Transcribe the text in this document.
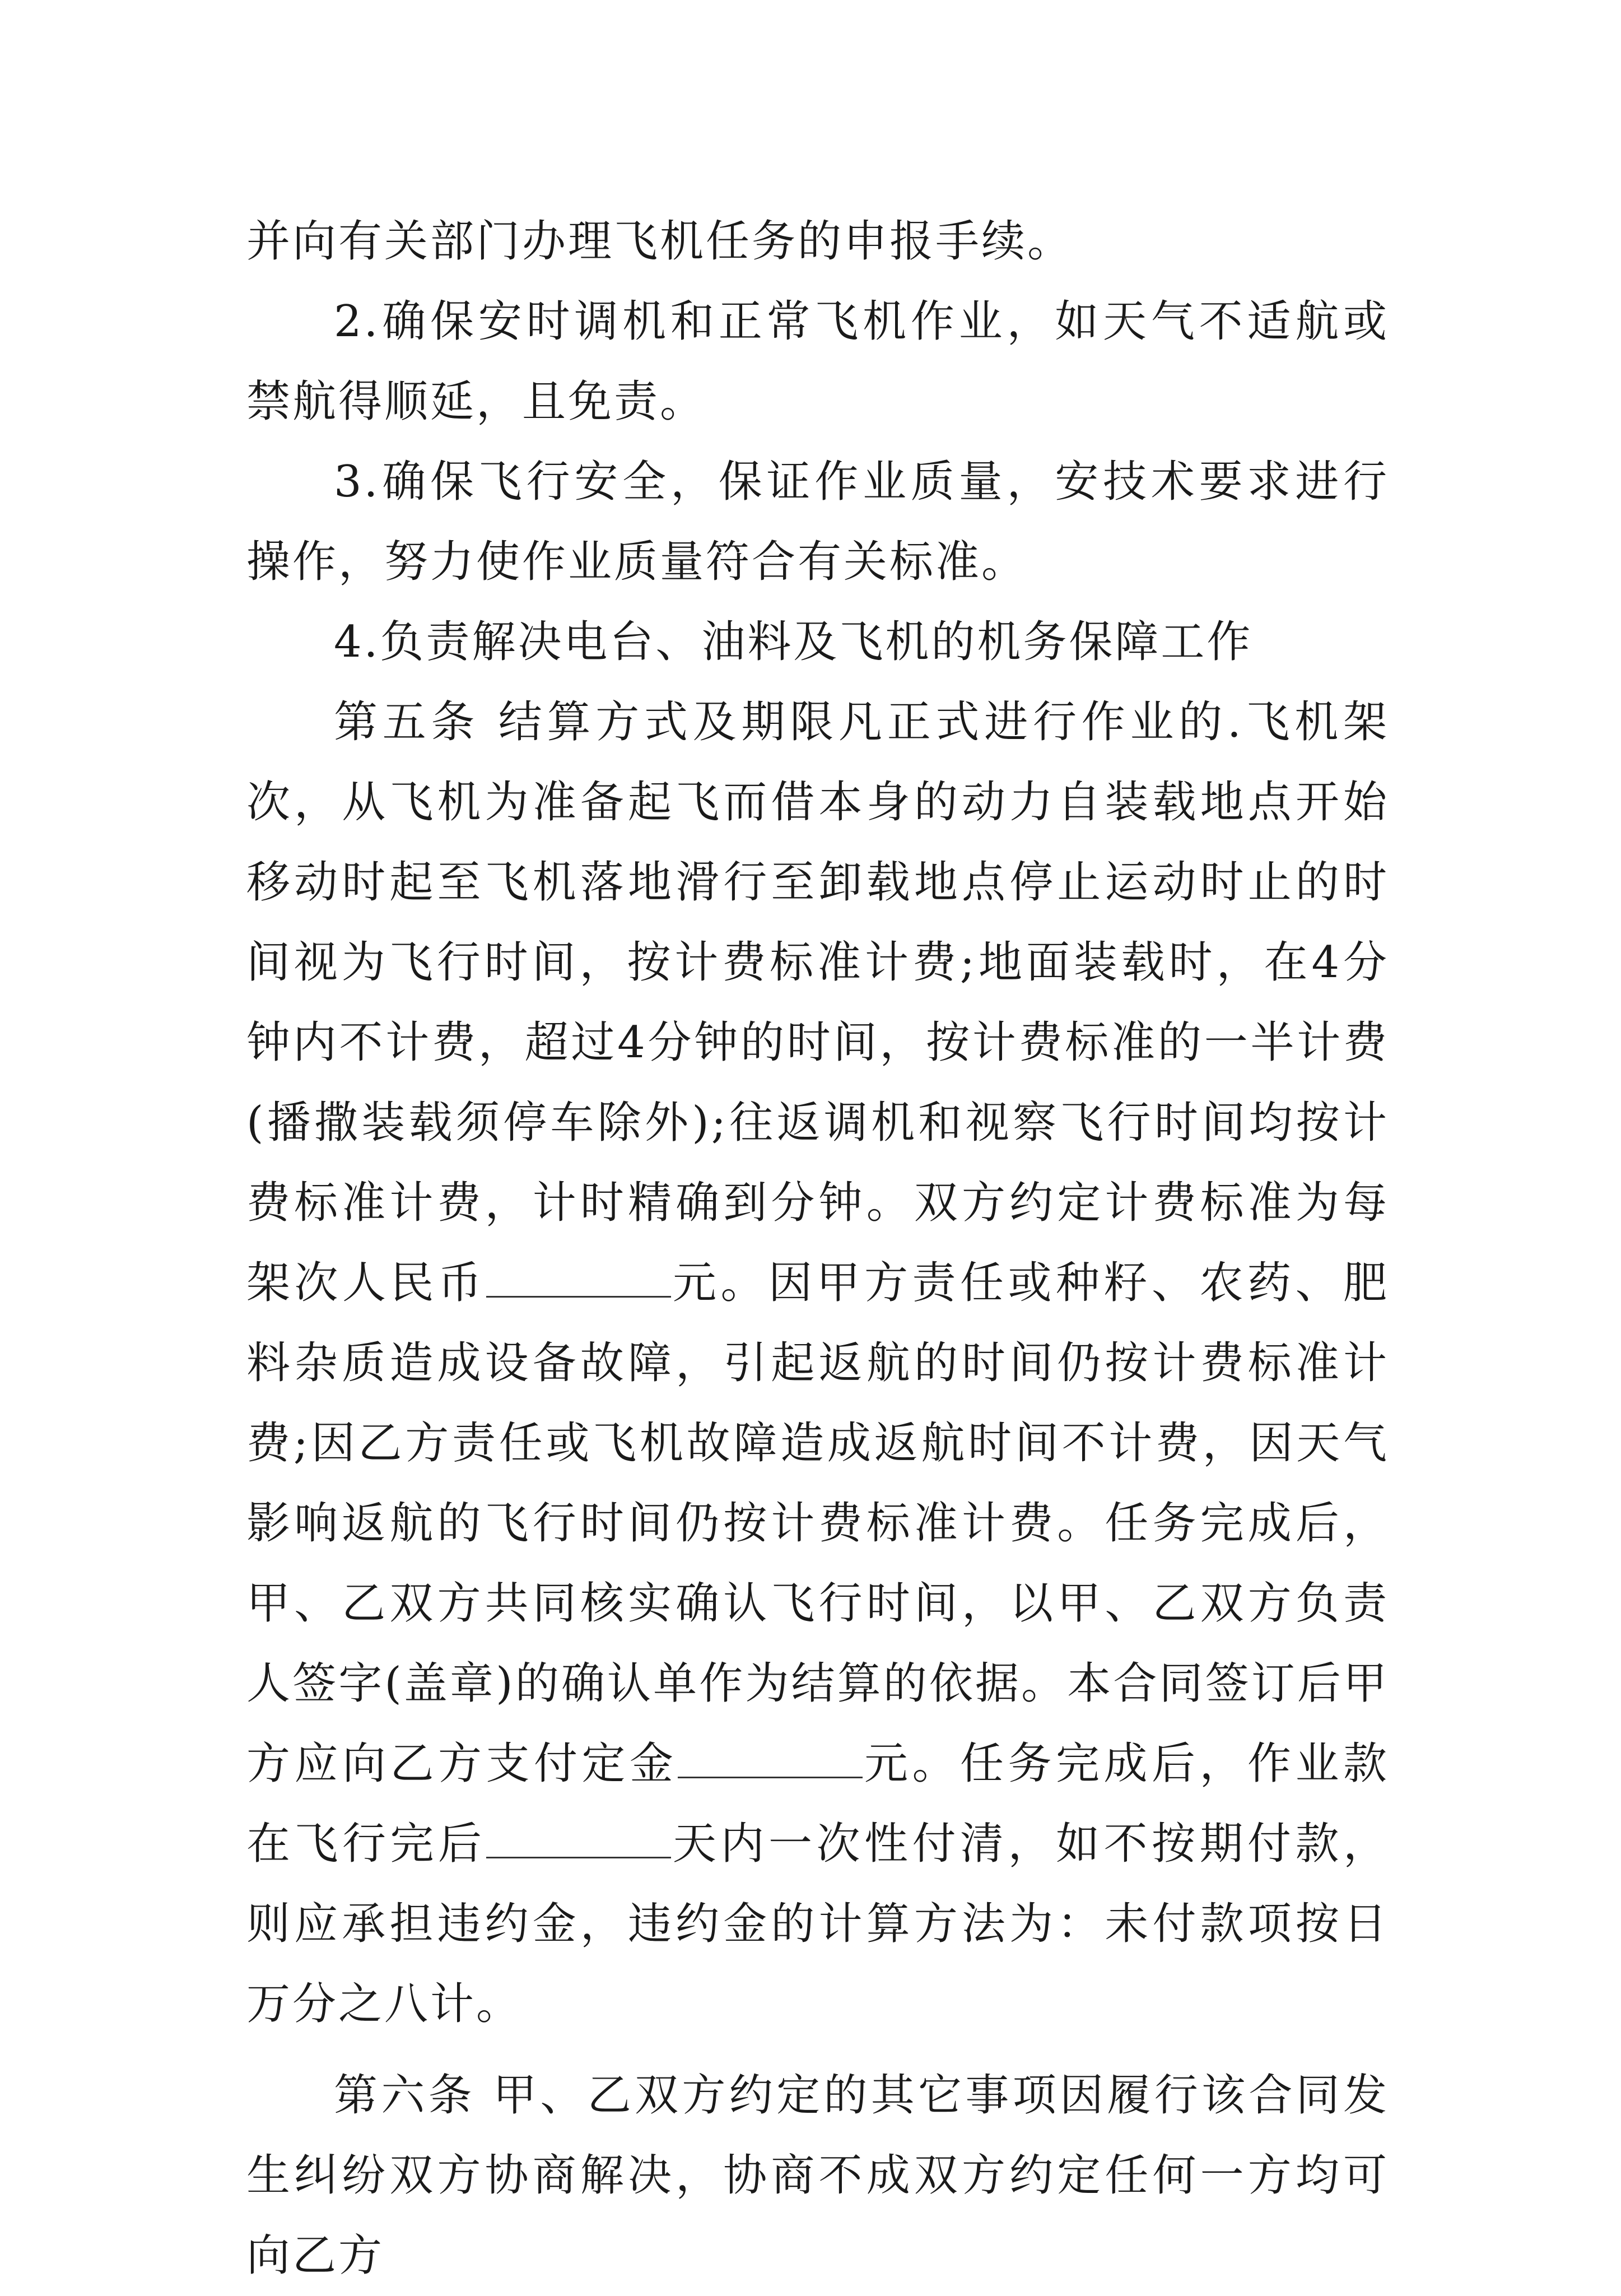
并向有关部门办理飞机任务的申报手续。

2.确保安时调机和正常飞机作业，如天气不适航或禁航得顺延，且免责。

3.确保飞行安全，保证作业质量，安技术要求进行操作，努力使作业质量符合有关标准。

4.负责解决电台、油料及飞机的机务保障工作

第五条 结算方式及期限凡正式进行作业的.飞机架次，从飞机为准备起飞而借本身的动力自装载地点开始移动时起至飞机落地滑行至卸载地点停止运动时止的时间视为飞行时间，按计费标准计费;地面装载时，在4分钟内不计费，超过4分钟的时间，按计费标准的一半计费(播撒装载须停车除外);往返调机和视察飞行时间均按计费标准计费，计时精确到分钟。双方约定计费标准为每架次人民币	元。因甲方责任或种籽、农药、肥料杂质造成设备故障，引起返航的时间仍按计费标准计费;因乙方责任或飞机故障造成返航时间不计费，因天气影响返航的飞行时间仍按计费标准计费。任务完成后，甲、乙双方共同核实确认飞行时间，以甲、乙双方负责人签字(盖章)的确认单作为结算的依据。本合同签订后甲方应向乙方支付定金	元。任务完成后，作业款在飞行完后	天内一次性付清，如不按期付款，则应承担违约金，违约金的计算方法为：未付款项按日万分之八计。

第六条 甲、乙双方约定的其它事项因履行该合同发生纠纷双方协商解决，协商不成双方约定任何一方均可向乙方
